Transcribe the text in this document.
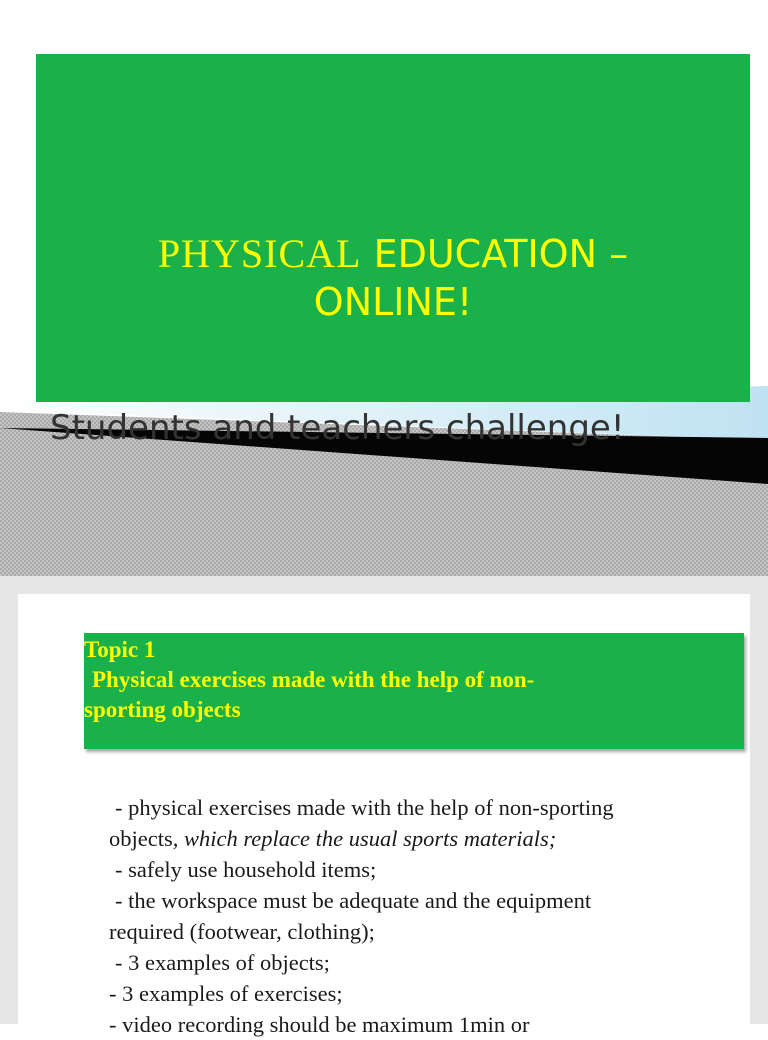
PHYSICAL EDUCATION –
ONLINE!
Students and teachers challenge!
Topic 1
Physical exercises made with the help of non-
sporting objects
- physical exercises made with the help of non-sporting
objects, which replace the usual sports materials;
- safely use household items;
- the workspace must be adequate and the equipment
required (footwear, clothing);
- 3 examples of objects;
- 3 examples of exercises;
- video recording should be maximum 1min or
